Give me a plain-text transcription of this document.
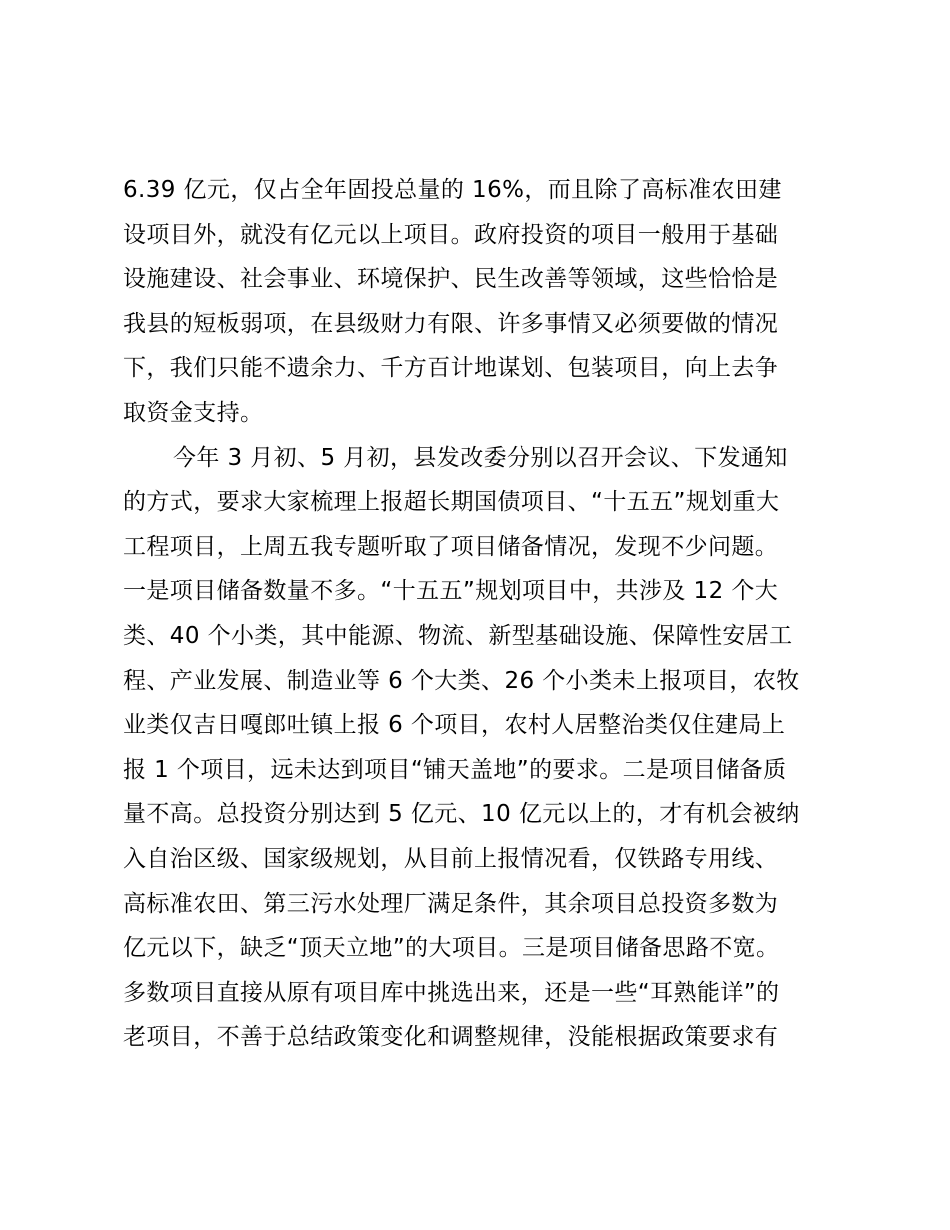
6.39 亿元，仅占全年固投总量的 16%，而且除了高标准农田建
设项目外，就没有亿元以上项目。政府投资的项目一般用于基础
设施建设、社会事业、环境保护、民生改善等领域，这些恰恰是
我县的短板弱项，在县级财力有限、许多事情又必须要做的情况
下，我们只能不遗余力、千方百计地谋划、包装项目，向上去争
取资金支持。
今年 3 月初、5 月初，县发改委分别以召开会议、下发通知
的方式，要求大家梳理上报超长期国债项目、“十五五”规划重大
工程项目，上周五我专题听取了项目储备情况，发现不少问题。
一是项目储备数量不多。“十五五”规划项目中，共涉及 12 个大
类、40 个小类，其中能源、物流、新型基础设施、保障性安居工
程、产业发展、制造业等 6 个大类、26 个小类未上报项目，农牧
业类仅吉日嘎郎吐镇上报 6 个项目，农村人居整治类仅住建局上
报 1 个项目，远未达到项目“铺天盖地”的要求。二是项目储备质
量不高。总投资分别达到 5 亿元、10 亿元以上的，才有机会被纳
入自治区级、国家级规划，从目前上报情况看，仅铁路专用线、
高标准农田、第三污水处理厂满足条件，其余项目总投资多数为
亿元以下，缺乏“顶天立地”的大项目。三是项目储备思路不宽。
多数项目直接从原有项目库中挑选出来，还是一些“耳熟能详”的
老项目，不善于总结政策变化和调整规律，没能根据政策要求有
